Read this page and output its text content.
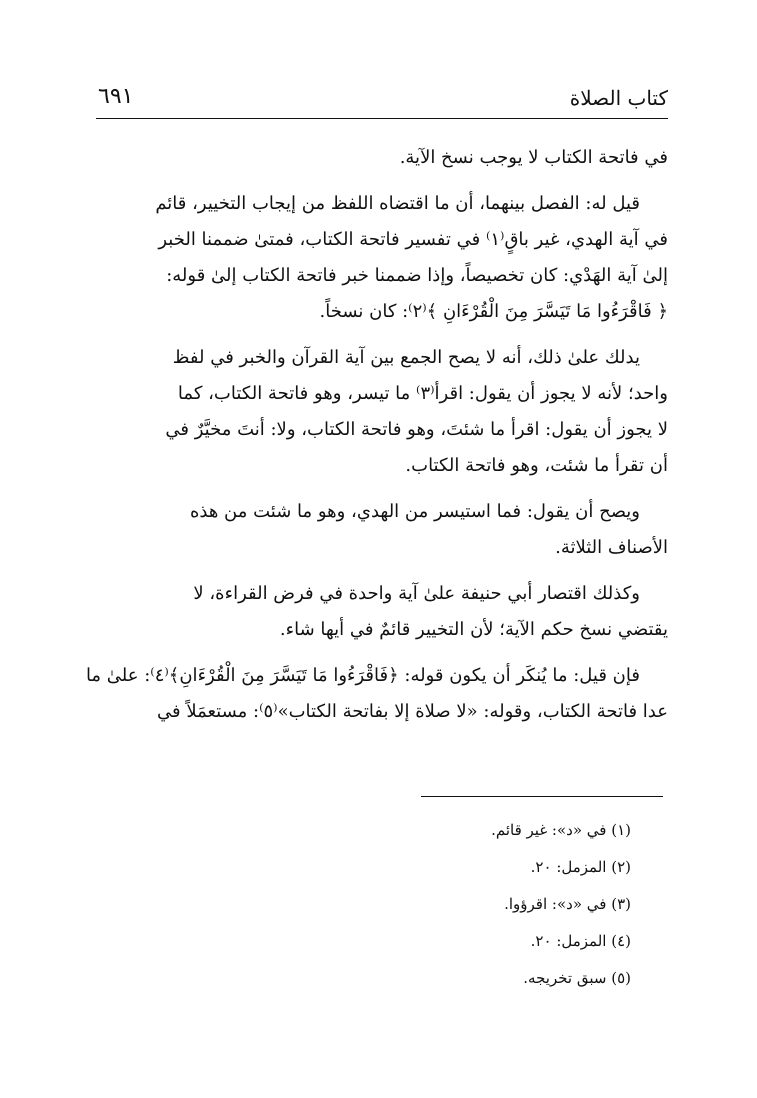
كتاب الصلاة
٦٩١

في فاتحة الكتاب لا يوجب نسخ الآية.

قيل له: الفصل بينهما، أن ما اقتضاه اللفظ من إيجاب التخيير، قائم
في آية الهدي، غير باقٍ⁽١⁾ في تفسير فاتحة الكتاب، فمتىٰ ضممنا الخبر
إلىٰ آية الهَدْي: كان تخصيصاً، وإذا ضممنا خبر فاتحة الكتاب إلىٰ قوله:
﴿ فَاقْرَءُوا مَا تَيَسَّرَ مِنَ الْقُرْءَانِ ﴾⁽٢⁾: كان نسخاً.

يدلك علىٰ ذلك، أنه لا يصح الجمع بين آية القرآن والخبر في لفظ
واحد؛ لأنه لا يجوز أن يقول: اقرأ⁽٣⁾ ما تيسر، وهو فاتحة الكتاب، كما
لا يجوز أن يقول: اقرأ ما شئتَ، وهو فاتحة الكتاب، ولا: أنتَ مخيَّرٌ في
أن تقرأ ما شئت، وهو فاتحة الكتاب.

ويصح أن يقول: فما استيسر من الهدي، وهو ما شئت من هذه
الأصناف الثلاثة.

وكذلك اقتصار أبي حنيفة علىٰ آية واحدة في فرض القراءة، لا
يقتضي نسخ حكم الآية؛ لأن التخيير قائمٌ في أيها شاء.

فإن قيل: ما يُنكَر أن يكون قوله: ﴿فَاقْرَءُوا مَا تَيَسَّرَ مِنَ الْقُرْءَانِ﴾⁽٤⁾: علىٰ ما
عدا فاتحة الكتاب، وقوله: «لا صلاة إلا بفاتحة الكتاب»⁽٥⁾: مستعمَلاً في

(١) في «د»: غير قائم.
(٢) المزمل: ٢٠.
(٣) في «د»: اقرؤوا.
(٤) المزمل: ٢٠.
(٥) سبق تخريجه.
